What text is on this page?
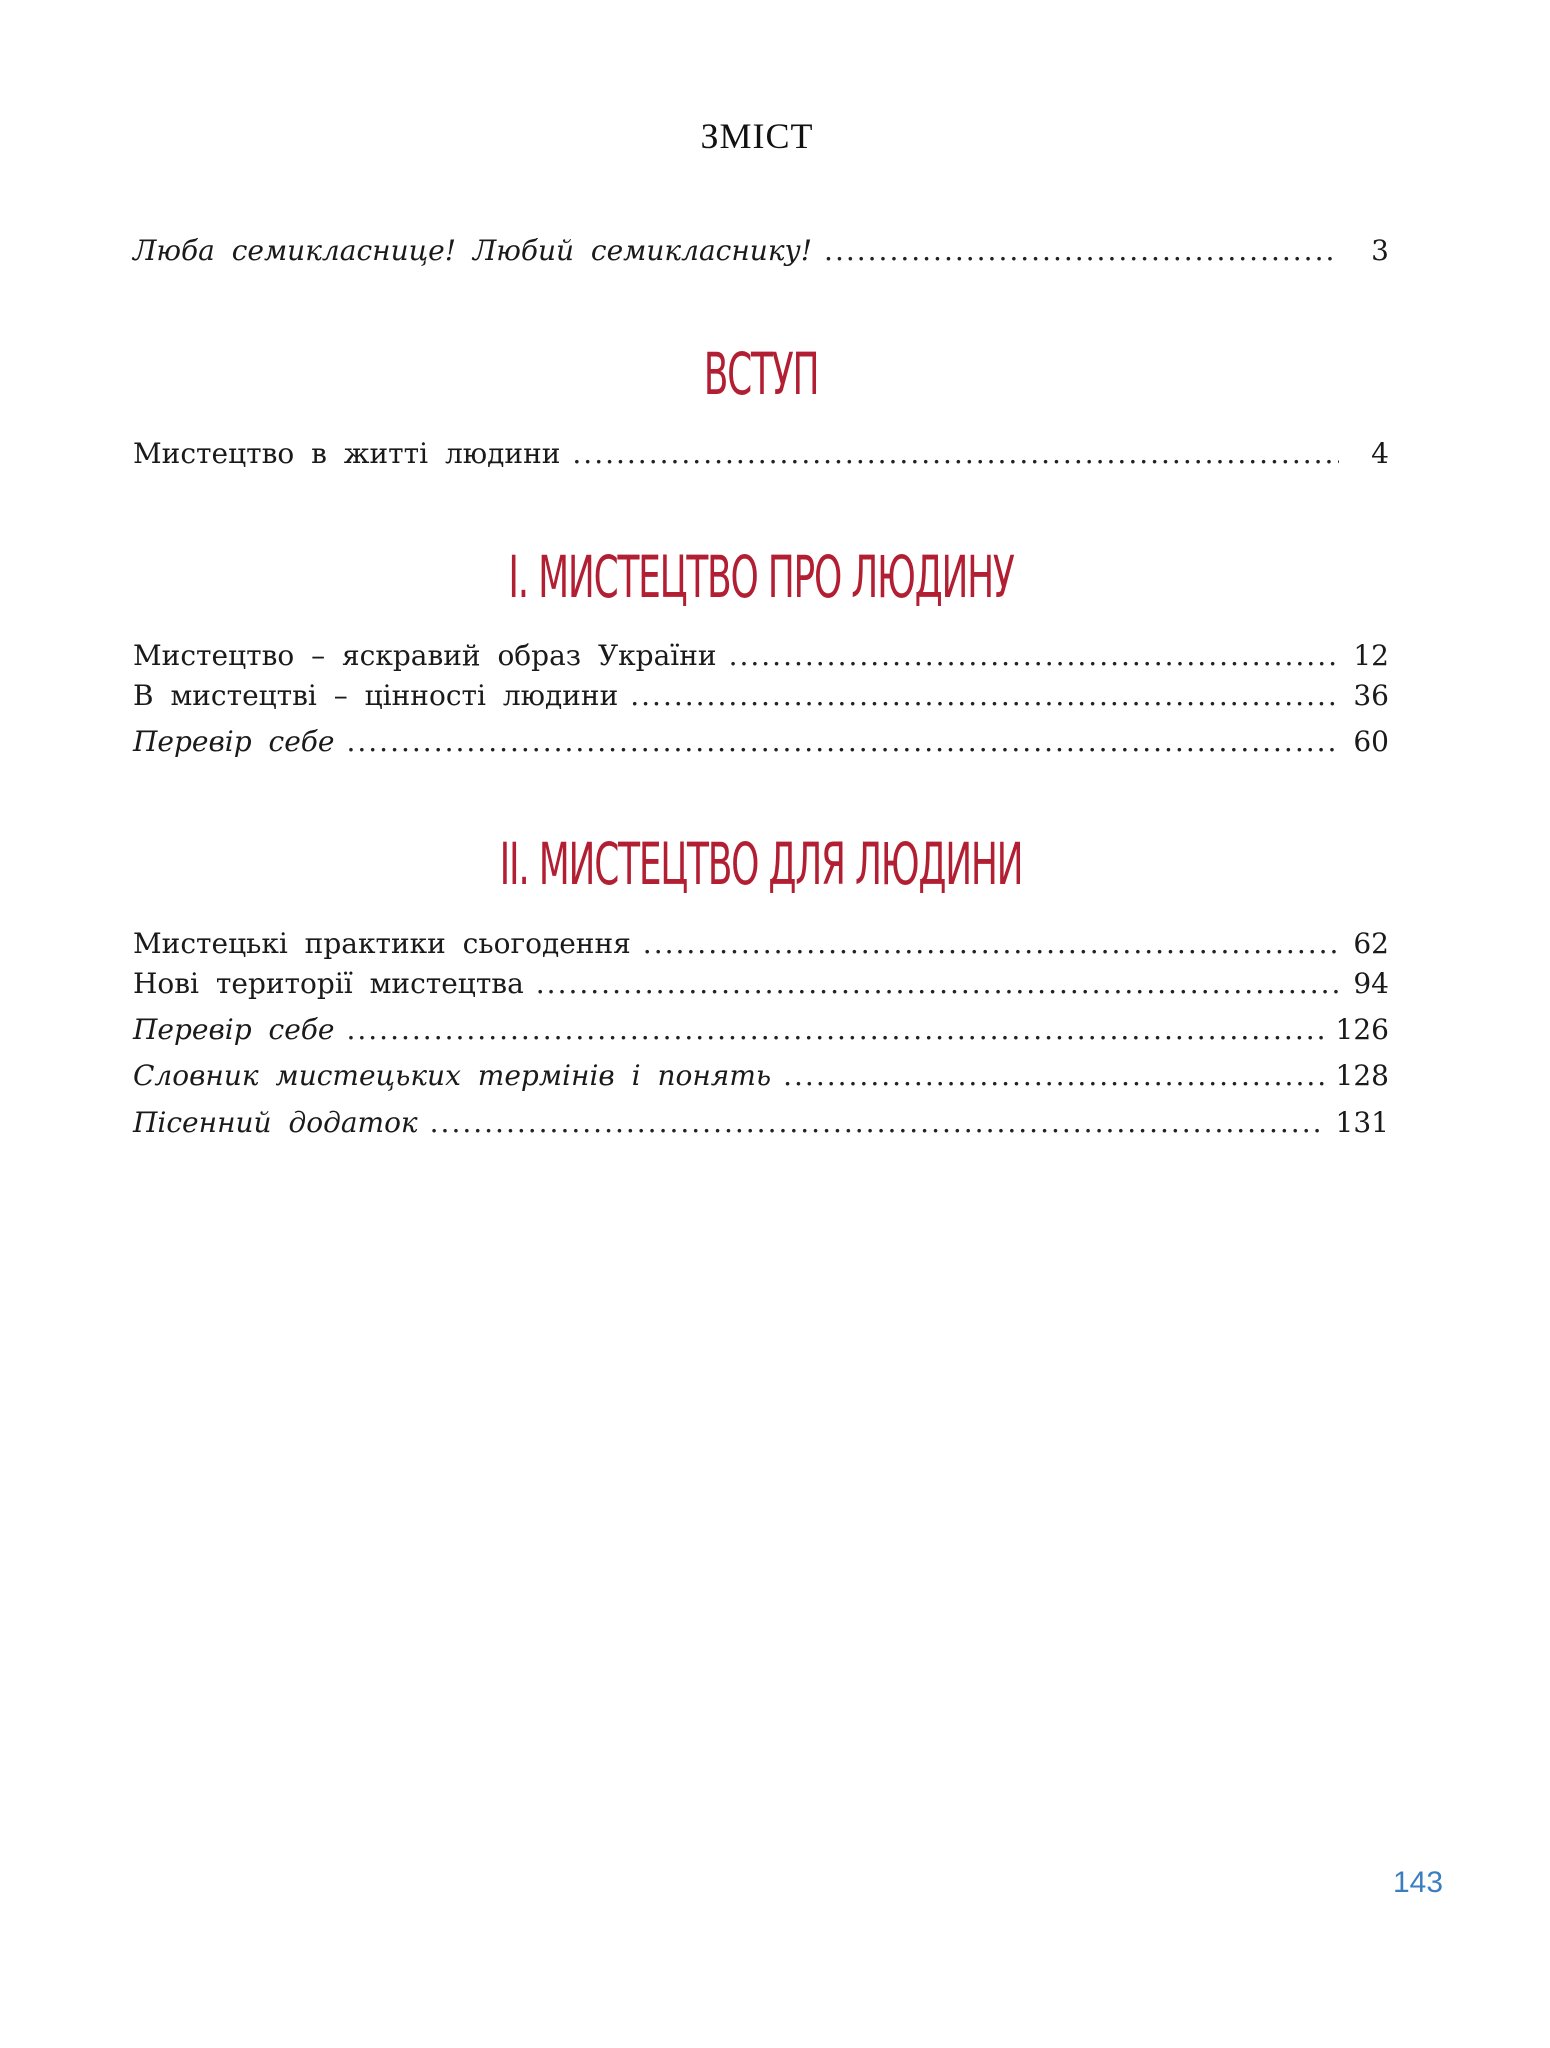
ЗМІСТ
Люба семикласнице! Любий семикласнику! .....	3
ВСТУП
Мистецтво в житті людини .....	4
І. МИСТЕЦТВО ПРО ЛЮДИНУ
Мистецтво – яскравий образ України .....	12
В мистецтві – цінності людини .....	36
Перевір себе .....	60
ІІ. МИСТЕЦТВО ДЛЯ ЛЮДИНИ
Мистецькі практики сьогодення .....	62
Нові території мистецтва .....	94
Перевір себе .....	126
Словник мистецьких термінів і понять .....	128
Пісенний додаток .....	131
143
